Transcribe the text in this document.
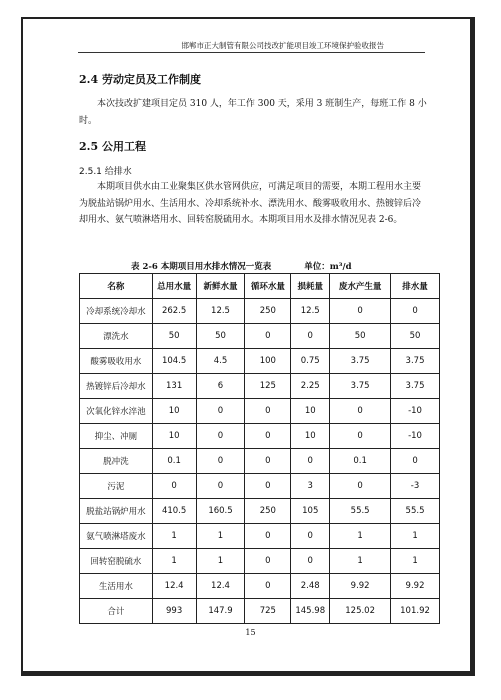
邯郸市正大制管有限公司技改扩能项目竣工环境保护验收报告
2.4 劳动定员及工作制度
本次技改扩建项目定员 310 人，年工作 300 天，采用 3 班制生产，每班工作 8 小时。
2.5 公用工程
2.5.1 给排水
本期项目供水由工业聚集区供水管网供应，可满足项目的需要，本期工程用水主要为脱盐站锅炉用水、生活用水、冷却系统补水、漂洗用水、酸雾吸收用水、热镀锌后冷却用水、氨气喷淋塔用水、回转窑脱硫用水。本期项目用水及排水情况见表 2-6。
表 2-6 本期项目用水排水情况一览表	单位：m³/d
名称	总用水量	新鲜水量	循环水量	损耗量	废水产生量	排水量
冷却系统冷却水	262.5	12.5	250	12.5	0	0
漂洗水	50	50	0	0	50	50
酸雾吸收用水	104.5	4.5	100	0.75	3.75	3.75
热镀锌后冷却水	131	6	125	2.25	3.75	3.75
次氧化锌水淬池	10	0	0	10	0	-10
抑尘、冲厕	10	0	0	10	0	-10
脱冲洗	0.1	0	0	0	0.1	0
污泥	0	0	0	3	0	-3
脱盐站锅炉用水	410.5	160.5	250	105	55.5	55.5
氨气喷淋塔废水	1	1	0	0	1	1
回转窑脱硫水	1	1	0	0	1	1
生活用水	12.4	12.4	0	2.48	9.92	9.92
合计	993	147.9	725	145.98	125.02	101.92
15
